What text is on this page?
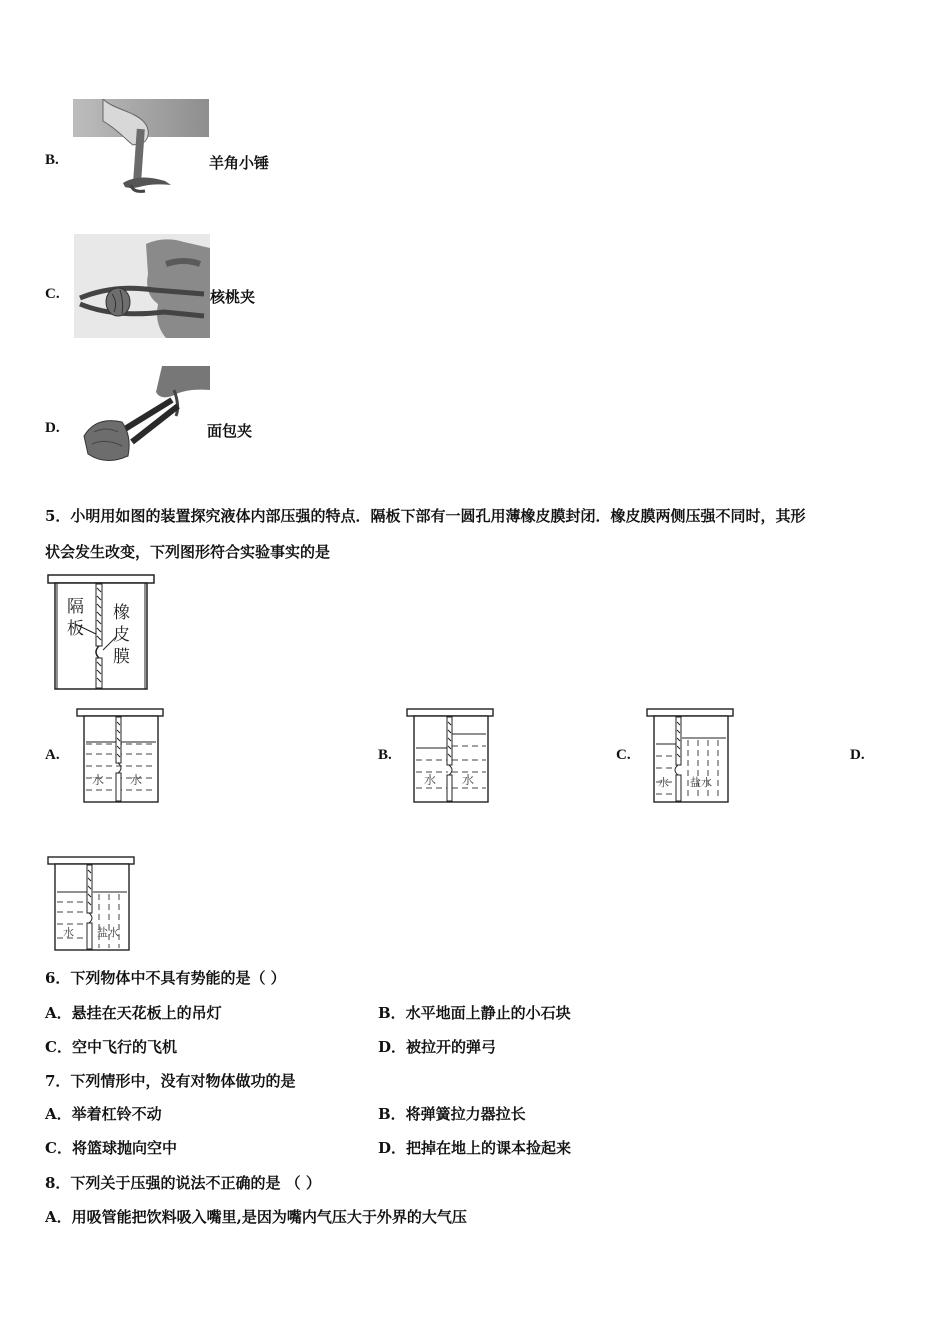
B.	羊角小锤
C.	核桃夹
D.	面包夹
5．小明用如图的装置探究液体内部压强的特点．隔板下部有一圆孔用薄橡皮膜封闭．橡皮膜两侧压强不同时，其形
状会发生改变，下列图形符合实验事实的是
隔
板
橡
皮
膜
A.
水 水
B.
水 水
C.
水 盐水
D.
水 盐水
6．下列物体中不具有势能的是（ ）
A．悬挂在天花板上的吊灯	B．水平地面上静止的小石块
C．空中飞行的飞机	D．被拉开的弹弓
7．下列情形中，没有对物体做功的是
A．举着杠铃不动	B．将弹簧拉力器拉长
C．将篮球抛向空中	D．把掉在地上的课本捡起来
8．下列关于压强的说法不正确的是 （ ）
A．用吸管能把饮料吸入嘴里,是因为嘴内气压大于外界的大气压
